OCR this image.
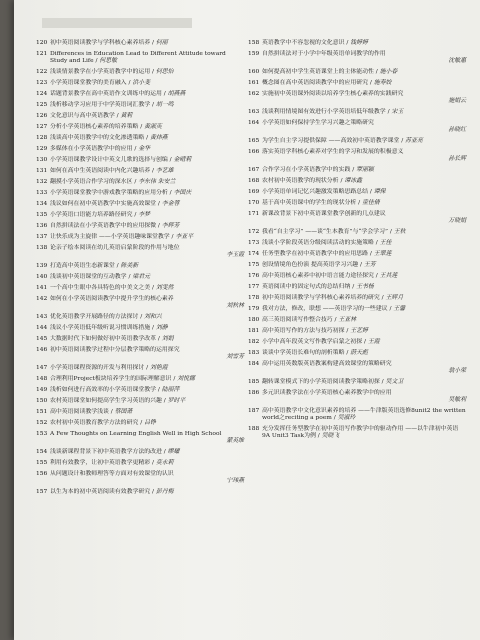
120 初中英语阅读教学与学科核心素养培养 / 何丽
121 Differences in Education Lead to Different Attitude toward Study and Life / 何思敏
122 浅谈情景教学在小学英语教学中的运用 / 何思怡
123 小学英语课堂教学的美育融入 / 洪小斐
124 话题背景教学在高中英语作文训练中的运用 / 胡燕燕
125 浅析移动学习应用于中学英语词汇教学 / 胡一鸣
126 文化意识与高中英语教学 / 黄莉
127 分析小学英语核心素养的培养策略 / 黄淑英
128 浅谈高中英语教学中的文化渗透策略 / 黄炜燕
129 多媒体在小学英语教学中的应用 / 金华
130 小学英语课教学设计中英文儿歌的选择与创编 / 金晴莉
131 如何在高中生英语阅读中内化兴趣培养 / 李艺雄
132 翻摸小学英语合作学习的深水区 / 李东伟 朱安兰
133 小学英语课堂教学中游戏教学策略的应用分析 / 李国庆
134 浅议如何在初中英语教学中实施高效课堂 / 李金蓉
135 小学英语口语能力培养路径研究 / 李梦
136 自然拼读法在小学英语教学中的应用探微 / 李辉芳
137 让快乐成为主旋律 ——小学英语趣味课堂教学 / 李亚平
138 论亲子绘本阅读在幼儿英语启蒙阶段的作用与地位
李玉霞
139 打造高中英语生态新课堂 / 陈美新
140 浅谈初中英语课堂的互动教学 / 梁君元
141 一个高中生眼中各具特色的中美文之美 / 刘雯然
142 如何在小学英语阅读教学中提升学生的核心素养
刘秋林
143 优化英语教学开展路径的方法探讨 / 刘和兴
144 浅议小学英语低年级听说习惯训练措施 / 刘静
145 大数据时代下如何做好初中英语教学改革 / 刘娟
146 初中英语阅读教学过程中分层教学策略的运用探究
刘雪芳
147 小学英语课程资源的开发与利用探讨 / 刘艳霞
148 合理利用Project板块培养学生的国际理解意识 / 刘悦娜
149 浅析如何进行高效率的小学英语课堂教学 / 陆丽萍
150 农村英语课堂如何提高学生学习英语的兴趣 / 罗时平
151 高中英语阅读教学浅谈 / 蔡国萧
152 农村初中英语教育教学方法的研究 / 吕铮
153 A Few Thoughts on Learning English Well in High School
蒙英维
154 浅谈新课程背景下初中英语教学方法的改进 / 缪耀
155 利用有效教学，让初中英语教学更精彩 / 莫永莉
156 从问题设计和教师理答等方面对有效课堂的认识
宁玮燕
157 以生为本的初中英语阅读有效教学研究 / 彭丹梅
158 英语教学中不容忽视的文化意识 / 钱婷婷
159 自然拼读法对于小学中年级英语单词教学的作用
沈敏惠
160 如何提高初中学生英语课堂上的主体能动性 / 施小春
161 概念图在高中英语阅读教学中的应用研究 / 施寿姣
162 实施初中英语课外阅读以培养学生核心素养的实践研究
施娟云
163 浅谈利用情境图有效进行小学英语培低年级教学 / 宋玉
164 小学英语如何保持学生学习兴趣之策略研究
孙晓红
165 为学生自主学习提供保障 ——高效初中英语教学课堂 / 苏亚亮
166 落实英语学科核心素养对学生的学习和发展的积极意义
孙长辉
167 合作学习在小学英语教学中的实践 / 覃丽颖
168 农村初中英语教学的现状分析 / 谭冰鑫
169 小学英语单词记忆兴趣激发策略思路总结 / 谭保
170 基于高中英语课中的学生的现状分析 / 童佳倩
171 新课改背景下初中英语课堂教学创新的几点建议
万晓娟
172 我看“自主学习” ——谈“生本教育”与“学会学习” / 王秋
173 浅谈小学阶段英语分级阅读活动的实施策略 / 王佳
174 任务型教学在初中英语教学中的应用思路 / 王翠莲
175 创设情境角色扮演 提高英语学习兴趣 / 王芳
176 高中英语核心素养中初中语言能力途径探究 / 王其莲
177 英语阅读中的固定句式的总结归纳 / 王书杨
178 初中英语阅读教学与学科核心素养培养的研究 / 王辉月
179 我对方法，修改，联想 ——英语学习的一些建议 / 王馨
180 高三英语阅读写作整合技巧 / 王亚林
181 高中英语写作的方法与技巧初探 / 王艺婷
182 小学中高年段英文写作教学启蒙之初探 / 王霞
183 谈谈中学英语长难句的剖析策略 / 蔚天彪
184 高中运用英数版英语教案构建高效课堂的策略研究
翁小荣
185 翻转课堂模式下的小学英语阅读教学策略初探 / 吴文卫
186 多元识读教学法在小学英语核心素养教学中的应用
吴敏利
187 高中英语教学中文化意识素养的培养 ——牛津版英语选修8unit2 the written world之reciting a poem / 吴淑玲
188 充分发挥任务型教学在初中英语写作教学中的驱动作用 ——以牛津初中英语9A Unit3 Task为例 / 吴晓飞
